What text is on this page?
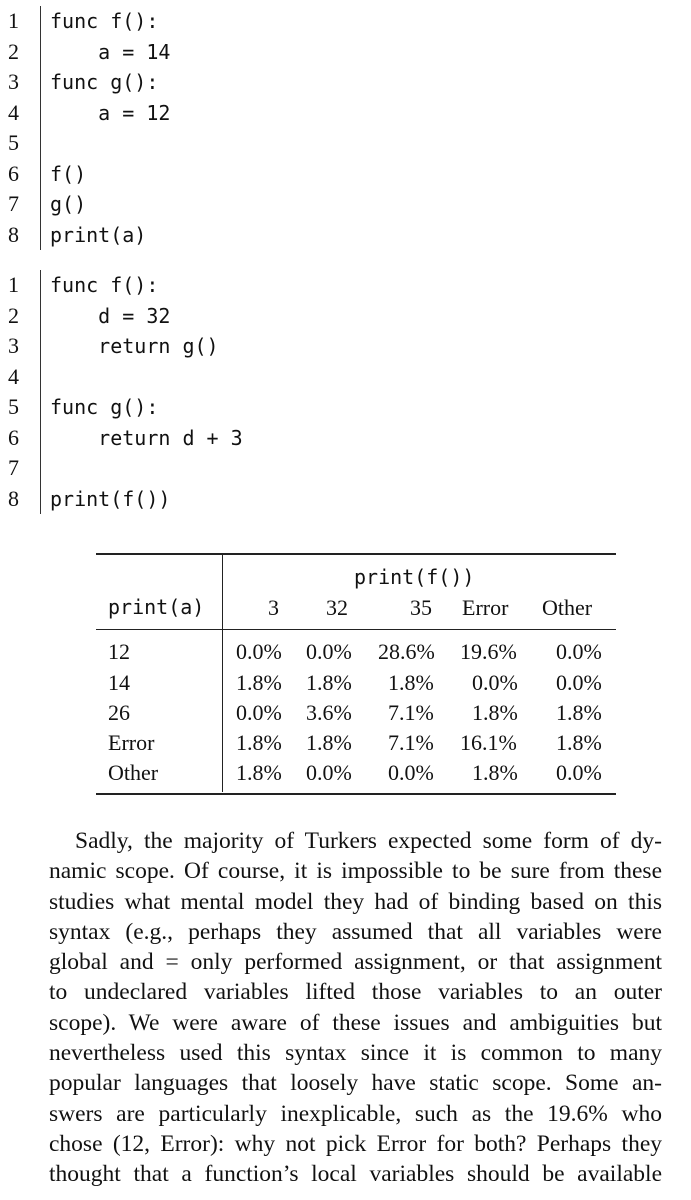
1	func f():
2	a = 14
3	func g():
4	a = 12
5
6	f()
7	g()
8	print(a)
1	func f():
2	d = 32
3	return g()
4
5	func g():
6	return d + 3
7
8	print(f())
print(f())
print(a)	3 32	35 Error Other
12	0.0% 0.0% 28.6% 19.6% 0.0%
14	1.8% 1.8% 1.8% 0.0% 0.0%
26	0.0% 3.6% 7.1% 1.8% 1.8%
Error	1.8% 1.8% 7.1% 16.1% 1.8%
Other	1.8% 0.0% 0.0% 1.8% 0.0%
Sadly, the majority of Turkers expected some form of dy-
namic scope. Of course, it is impossible to be sure from these
studies what mental model they had of binding based on this
syntax (e.g., perhaps they assumed that all variables were
global and = only performed assignment, or that assignment
to undeclared variables lifted those variables to an outer
scope). We were aware of these issues and ambiguities but
nevertheless used this syntax since it is common to many
popular languages that loosely have static scope. Some an-
swers are particularly inexplicable, such as the 19.6% who
chose (12, Error): why not pick Error for both? Perhaps they
thought that a function’s local variables should be available
